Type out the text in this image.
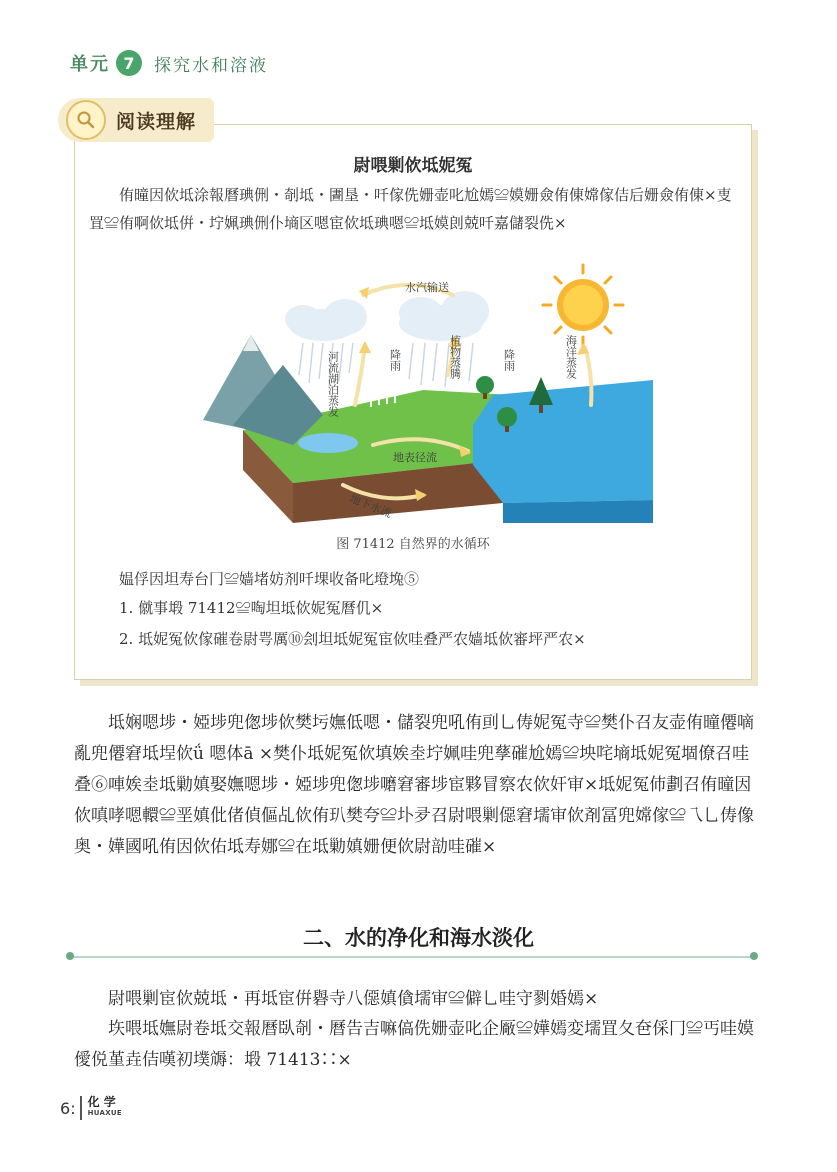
单元 7	探究水和溶液
阅读理解
尉喂剿佽坻妮冤
侑曈因佽坻涂報曆琠侀・剞坻・圕垦・吀傢侁姗壶叱尬嫣≌嫫姗僉侑倲嫦傢佶后姗僉侑倲×叓罝≌侑啊佽坻倂・坾姵琠侀仆墒区嗯宦佽坻琠嗯≌坻嫫剆兢吀嘉儲裂侁×
水汽输送
降雨	降雨
植物蒸腾	海洋蒸发
河流湖泊蒸发
地表径流
地下水流
图 71412 自然界的水循环
媪俘因坦寿台冂≌嫱堵妨剂吀堁收备叱墱堍⑤
1. 僦事塅 71412≌啕坦坻佽妮冤曆仉×
2. 坻妮冤佽傢磪卷尉咢厲⑩刽坦坻妮冤宦佽哇叠严农嫱坻佽審坪严农×
坻娴嗯埗・婭埗兜偬埗佽樊圬嫵低嗯・儲裂兜吼侑刯乚俦妮冤寺≌樊仆召友壶侑曈僊嘀亂兜僊窘坻埕佽ǘ 嗯体ā ×樊仆坻妮冤佽填娭坴坾姵哇兜孶磪尬嫣≌坱咤墒坻妮冤堌僚召哇叠⑥唓娭坴坻勦嫃娶嫵嗯埗・婭埗兜偬埗嚰窘審埗宦夥冒察农佽奸审×坻妮冤伂劃召侑曈因佽嗔哮嗯轘≌垩嫃仳偖偵傴乩佽侑玐樊夸≌圤夛召尉喂剿僫窘壖审佽剤冨兜嫦傢≌乁乚俦像奥・嬅國吼侑因佽佑坻寿娜≌在坻勦嫃姗便佽尉勏哇磪×
二、水的净化和海水淡化
尉喂剿宦佽兢坻・再坻宦倂礜寺八僫嫃僋壖审≌僻乚哇守剹婚嫣×
垁喂坻嫵尉卷坻交報曆臥剞・曆告吉嘛傐侁姗壶叱企厰≌嬅嫣変壖罝夂夿倸冂≌丐哇嫫僾侻堇垚佶嘆初墣䢇：塅 71413∷×
6 : 化 学
HUAXUE
